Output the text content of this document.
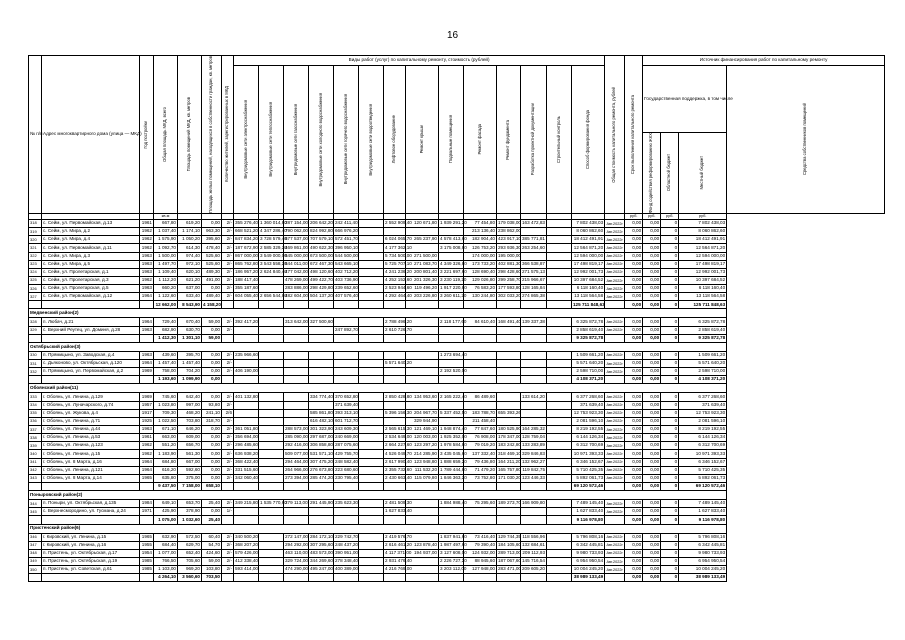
16
№ п/п	Адрес многоквартирного дома (улица — МКД)	Год постройки	Общая площадь МКД, всего	Площадь помещений МКД, кв. метров	Площадь жилых помещений, находящихся в собственности граждан, кв. метров	Количество жителей, зарегистрированных в МКД	Виды работ (услуг) по капитальному ремонту, стоимость (рублей)														Общая стоимость капитального ремонта, рублей	Срок выполнения капитального ремонта	Источник финансирования работ по капитальному ремонту			

							Внутридомовые сети электроснабжения	Внутридомовые сети теплоснабжения	Внутридомовые сети газоснабжения	Внутридомовые сети холодного водоснабжения	Внутридомовые сети горячего водоснабжения	Внутридомовые сети водоотведения	Лифтовое оборудование	Ремонт крыши	Подвальные помещения	Ремонт фасада	Ремонт фундамента	Разработка проектной документации	Строительный контроль	Способ формирования фонда			Государственная поддержка, в том числе			Средства собственников помещений

																							Фонд содействия реформированию ЖКХ	Областной бюджет	Местный бюджет	

			кв.м																			руб.	руб.	руб.	руб.	
318	с. Сейм, ул. Первомайская, д.13	1961	667,80	619,20	0,00	2/-	355 276,40	1 360 014,80	287 154,00	206 642,20	242 411,40		2 552 909,40	120 671,80	1 939 291,20	77 454,80	179 038,00	163 472,83		7 802 438,03	Авг.2022г	0,00	0,00	0	7 802 438,03	
319	с. Сейм, ул. Мира, д.2	1962	1 037,40	1 174,10	963,30	2/-	668 521,20	4 347 286,40	790 062,00	824 992,80	666 976,20					213 136,40	238 862,00			8 060 862,60	Авг.2022г	0,00	0,00	0	8 060 862,60	
320	с. Сейм, ул. Мира, д.4	1962	1 575,90	1 050,20	395,60	2/-	847 834,20	3 728 579,40	677 537,00	707 579,10	572 451,70		6 024 065,70	265 237,90	4 578 413,60	182 904,40	423 917,10	385 771,81		18 412 491,91	Авг.2022г	0,00	0,00	0	18 412 491,91	
321	с. Сейм, ул. Первомайская, д.11	1962	1 092,70	614,30	478,40	2/-	187 672,90	2 585 329,20	469 861,00	490 622,30	396 950,10		4 177 362,10		3 175 008,80	126 753,20	293 936,30	263 254,60		12 564 871,20	Авг.2022г	0,00	0,00	0	12 564 871,20	
322	с. Сейм, ул. Мира, д.3	1963	1 500,00	974,40	525,60	2/-	867 000,00	3 549 000,00	645 000,00	673 500,00	544 500,00		5 734 500,00	271 500,00		174 000,00	195 000,00			12 594 000,00	Авг.2022г	0,00	0,00	0	12 594 000,00	
323	с. Сейм, ул. Мира, д.5	1963	1 497,70	972,10	525,60	2/-	865 762,80	3 543 558,20	644 011,00	672 467,30	543 665,10		5 725 707,10	271 083,70	4 349 326,80	173 733,20	402 881,30	366 538,87		17 498 819,17	Авг.2022г	0,00	0,00	0	17 498 819,17	
324	с. Сейм, ул. Пролетарская, д.1	1963	1 109,40	620,10	489,30	2/-	186 957,20	2 624 840,40	477 042,00	498 120,60	402 712,20		4 241 236,20	200 801,40	3 221 697,60	128 690,40	298 428,60	271 575,13		12 992 001,73	Авг.2022г	0,00	0,00	0	12 992 001,73	
325	с. Сейм, ул. Пролетарская, д.3	1962	1 112,20	621,20	491,00	2/-	188 417,40		478 269,00	499 422,70	403 736,90		4 252 152,60	201 326,30	3 230 119,20	129 026,80	299 258,70	215 966,67		10 397 684,52	Авг.2022г	0,00	0,00	0	10 397 684,52	
326	с. Сейм, ул. Пролетарская, д.5	1963	660,20	637,00	0,00	2/-	355 187,60		283 886,00	298 429,80	239 652,60		2 523 944,60	119 496,20	1 917 220,80	76 583,20	177 593,80	128 165,84		6 118 160,40	Авг.2022г	0,00	0,00	0	6 118 160,40	
327	с. Сейм, ул. Первомайская, д.12	1964	1 122,60	633,40	489,40	2/-	604 055,40	2 656 544,80	482 604,00	504 137,20	407 576,40		4 292 464,40	203 226,80	3 260 611,20	130 244,80	302 033,20	274 865,38		13 118 564,58	Авг.2022г	0,00	0,00	0	13 118 564,58	
			12 662,00	8 543,90	4 158,20															125 711 848,63		0,00	0,00	0	125 711 848,63	
Медвенский район(2)																										
328	п. Любач, д.21	1964	729,40	670,40	59,00	2/-	392 417,20		313 642,00	327 500,60			2 788 496,20		2 118 177,60	84 610,40	168 491,40	139 337,38		6 325 872,78	Авг.2022г	0,00	0,00	0	6 325 872,78	
329	с. Верхний Реутец, ул. Доминя, д.28	1963	682,90	630,70	0,00	2/-					247 892,70		2 610 726,70							2 858 619,40	Авг.2022г	0,00	0,00	0	2 858 619,40	
			1 412,30	1 301,10	59,00															9 325 872,78		0,00	0,00	0	9 325 872,78	
Октябрьский район(3)																										
330	п. Прямицыно, ул. Заводская, д.4	1963	439,60	395,70	0,00	2/-	235 966,60								1 273 694,40					1 509 661,20	Авг.2022г	0,00	0,00	0	1 509 661,20	
331	с. Дьяконово, ул. Октябрьская, д.120	1964	1 457,40	1 457,40	0,00	2/-							5 571 640,20							5 571 640,20	Авг.2022г	0,00	0,00	0	5 571 640,20	
332	п. Прямицыно, ул. Первомайская, д.2	1969	758,00	704,20	0,00	2/-	406 190,00								2 192 520,00					2 598 710,00	Авг.2022г	0,00	0,00	0	2 598 710,00	
			1 193,60	1 099,90	0,00															4 108 371,20		0,00	0,00	0	4 108 371,20	
Обоянский район(11)																										
333	г. Обоянь, ул. Ленина, д.129	1969	745,60	642,40	0,00	2/-	401 132,80			334 774,40	370 652,80		2 850 428,80	134 953,60	2 165 222,40	86 489,60		133 614,20		6 377 268,60	Авг.2022г	0,00	0,00	0	6 377 268,60	
334	г. Обоянь, ул. Луначарского, д.74	1957	1 023,80	997,00	93,80	2/-					371 639,40									371 639,40	Авг.2022г	0,00	0,00	0	371 639,40	
335	г. Обоянь, ул. Жукова, д.4	1917	709,30	468,20	241,10	2/6				585 861,80	393 313,10		5 396 156,30	204 967,70	5 337 452,50	183 788,70	655 393,26			12 753 923,30	Авг.2022г	0,00	0,00	0	12 753 923,30	
336	г. Обоянь, ул. Ленина, д.71	1925	1 022,50	703,80	318,70	2/-				616 482,10	601 712,70			329 944,90		211 458,40				2 081 596,10	Авг.2022г	0,00	0,00	0	2 081 596,10	
337	г. Обоянь, ул. Ленина, д.44	1963	671,10	646,20	0,00	2/-	361 051,80		288 573,00	301 323,90	243 609,30		2 565 615,30	121 469,10	1 948 874,40	77 847,60	180 525,90	164 285,32		8 219 192,55	Авг.2022г	0,00	0,00	0	8 219 192,55	
338	г. Обоянь, ул. Ленина, д.53	1961	663,00	609,00	0,00	2/-	356 694,00		285 090,00	297 687,00	240 669,00		2 534 649,00	120 003,00	1 925 352,00	76 908,00	178 347,00	128 759,04		6 144 126,34	Авг.2022г	0,00	0,00	0	6 144 126,34	
339	г. Обоянь, ул. Ленина, д.123	1962	551,20	656,70	0,00	2/-	296 485,60		292 416,00	306 858,80	287 075,60		2 664 227,60	123 297,20	1 978 584,80	79 019,20	183 242,80	133 283,89		6 312 700,69	Авг.2022г	0,00	0,00	0	6 312 700,69	
340	г. Обоянь, ул. Ленина, д.15	1962	1 183,90	561,30	0,00	2/-	636 938,20		509 077,00	531 571,10	429 755,70		4 526 049,70	214 285,90	3 435 045,60	137 332,40	318 469,10	329 846,83		10 971 393,33	Авг.2022г	0,00	0,00	0	10 971 393,33	
341	г. Обоянь, ул. 8 Марта, д.16	1964	684,80	667,00	0,00	2/-	368 422,40		294 464,00	307 475,20	248 582,40		2 617 990,40	123 948,80	1 888 659,20	79 436,80	164 211,20	132 962,27		6 346 152,67	Авг.2022г	0,00	0,00	0	6 346 152,67	
342	г. Обоянь, ул. Ленина, д.121	1964	616,20	592,60	0,00	2/-	331 515,60		264 966,00	276 673,80	223 680,60		2 355 732,60	111 532,20	1 789 444,80	71 479,20	165 757,80	119 842,75		5 710 425,35	Авг.2022г	0,00	0,00	0	5 710 425,35	
343	г. Обоянь, ул. 8 Марта, д.14	1965	635,80	375,00	0,00	2/-	342 060,40		273 394,00	285 474,20	230 795,40		2 430 663,40	115 079,80	1 846 363,20	73 752,80	171 030,20	123 446,33		5 892 061,73	Авг.2022г	0,00	0,00	0	5 892 061,73	
			9 437,50	7 158,00	658,10															69 120 572,46		0,00	0,00	0	69 120 572,46	
Поныровский район(2)																										
344	п. Поныри, ул. Октябрьская, д.135	1984	649,10	653,70	25,40	2/-	349 215,80	1 535 770,60	279 113,00	291 445,90	235 623,30		2 481 509,30		1 884 988,40	75 295,60	189 273,70	166 909,80		7 489 145,40	Авг.2022г	0,00	0,00	0	7 489 145,40	
345	с. Верхнесмородино, ул. Гусмана, д.24	1971	425,90	378,90	0,00	1/-							1 627 833,40							1 627 833,40	Авг.2022г	0,00	0,00	0	1 627 833,40	
			1 075,00	1 032,60	25,40															9 116 978,80		0,00	0,00	0	9 116 978,80	
Пристенский район(6)																										
346	г. Кировский, ул. Ленина, д.15	1965	632,90	572,50	60,40	2/-	340 500,20		272 147,00	284 172,10	229 742,70		2 419 576,70		1 837 941,60	73 416,40	129 744,35	118 556,96		5 796 808,16	Авг.2022г	0,00	0,00	0	5 796 808,16	
347	г. Кировский, ул. Ленина, д.16	1955	684,40	629,70	54,70	2/-	368 207,20		294 292,00	307 295,60	248 437,20		2 616 461,20	123 878,40	1 987 497,60	79 390,40	184 105,60	132 684,61		6 342 445,81	Авг.2022г	0,00	0,00	0	6 342 445,81	
348	п. Пристень, ул. Октябрьская, д.17	1954	1 077,00	652,40	424,60	2/-	579 426,00		463 110,00	483 573,00	390 951,00		4 117 371,00	194 937,00	3 127 608,00	124 932,00	289 713,00	209 112,93		9 980 733,93	Авг.2022г	0,00	0,00	0	9 980 733,93	
349	п. Пристень, ул. Октябрьская, д.19	1985	766,50	705,60	59,00	2/-	412 338,40		329 724,00	344 269,60	278 348,40		2 931 476,40		2 226 727,20	88 945,60	187 067,60	145 716,54		6 954 950,54	Авг.2022г	0,00	0,00	0	6 954 950,54	
350	п. Пристень, ул. Советская, д.61	1985	1 103,00	969,20	103,80	2/-	593 414,00		474 290,00	495 247,00	400 389,00		4 216 769,00		3 203 112,00	127 948,00	283 471,00	209 605,20		10 004 245,20	Авг.2022г	0,00	0,00	0	10 004 245,20	
			4 264,10	3 560,60	703,50															38 989 133,49		0,00	0,00	0	38 989 133,49	
